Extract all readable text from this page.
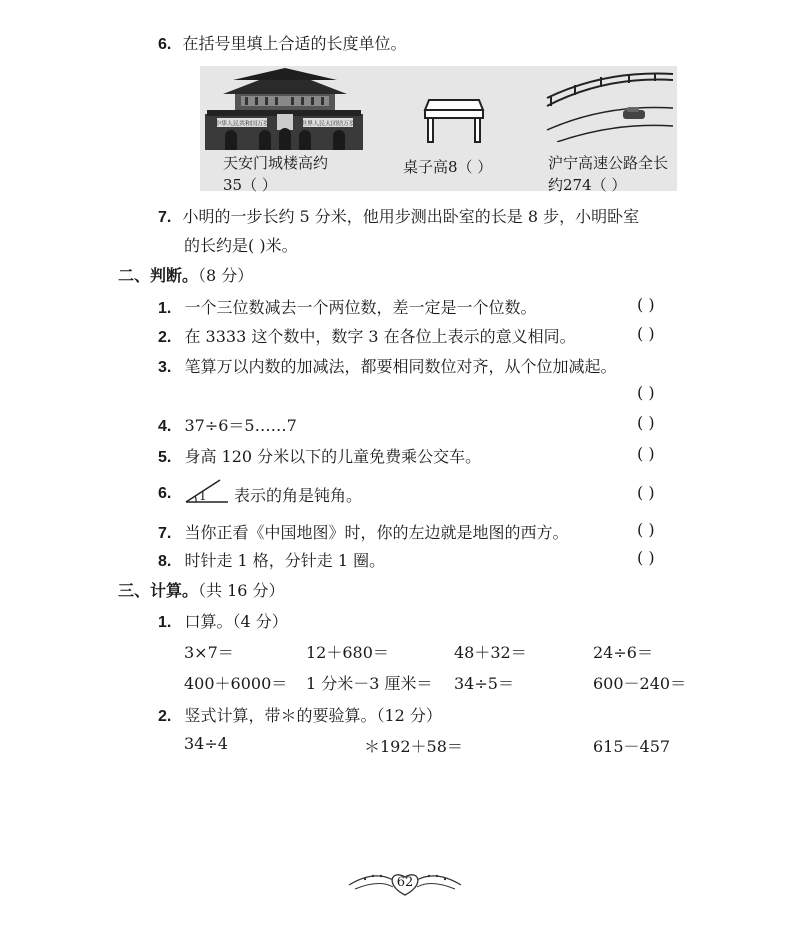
6. 在括号里填上合适的长度单位。
中华人民共和国万岁	世界人民大团结万岁
天安门城楼高约
35（ ）
桌子高8（ ）	沪宁高速公路全长
约274（ ）
7. 小明的一步长约 5 分米，他用步测出卧室的长是 8 步，小明卧室
的长约是( )米。
二、判断。（8 分）
1. 一个三位数减去一个两位数，差一定是一个位数。	( )
2. 在 3333 这个数中，数字 3 在各位上表示的意义相同。	( )
3. 笔算万以内数的加减法，都要相同数位对齐，从个位加减起。
( )
4. 37÷6＝5……7	( )
5. 身高 120 分米以下的儿童免费乘公交车。	( )
6. 1 表示的角是钝角。	( )
7. 当你正看《中国地图》时，你的左边就是地图的西方。	( )
8. 时针走 1 格，分针走 1 圈。	( )
三、计算。（共 16 分）
1. 口算。（4 分）
3×7＝	12＋680＝	48＋32＝	24÷6＝
400＋6000＝ 1 分米－3 厘米＝ 34÷5＝	600－240＝
2. 竖式计算，带＊的要验算。（12 分）
34÷4	＊192＋58＝	615－457
62
